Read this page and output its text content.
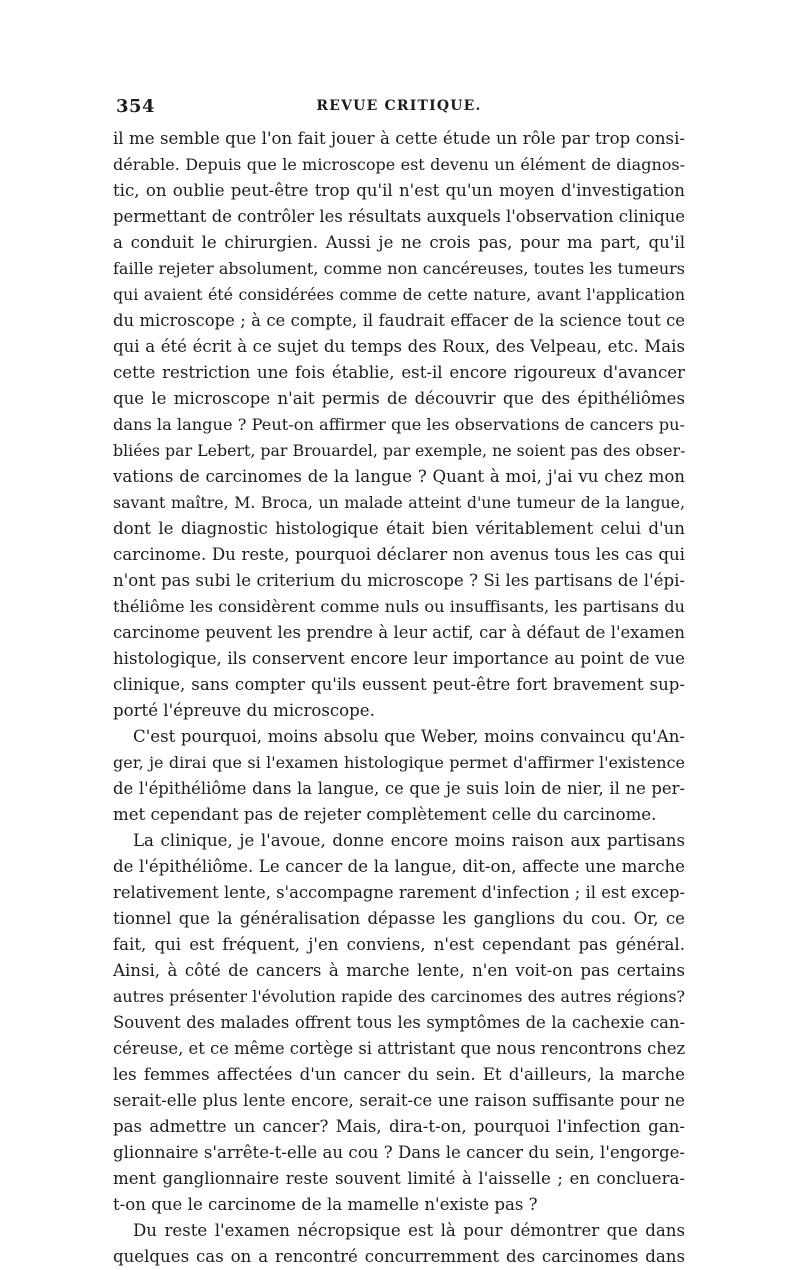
354	REVUE CRITIQUE.
il me semble que l'on fait jouer à cette étude un rôle par trop consi-
dérable. Depuis que le microscope est devenu un élément de diagnos-
tic, on oublie peut-être trop qu'il n'est qu'un moyen d'investigation
permettant de contrôler les résultats auxquels l'observation clinique
a conduit le chirurgien. Aussi je ne crois pas, pour ma part, qu'il
faille rejeter absolument, comme non cancéreuses, toutes les tumeurs
qui avaient été considérées comme de cette nature, avant l'application
du microscope ; à ce compte, il faudrait effacer de la science tout ce
qui a été écrit à ce sujet du temps des Roux, des Velpeau, etc. Mais
cette restriction une fois établie, est-il encore rigoureux d'avancer
que le microscope n'ait permis de découvrir que des épithéliômes
dans la langue ? Peut-on affirmer que les observations de cancers pu-
bliées par Lebert, par Brouardel, par exemple, ne soient pas des obser-
vations de carcinomes de la langue ? Quant à moi, j'ai vu chez mon
savant maître, M. Broca, un malade atteint d'une tumeur de la langue,
dont le diagnostic histologique était bien véritablement celui d'un
carcinome. Du reste, pourquoi déclarer non avenus tous les cas qui
n'ont pas subi le criterium du microscope ? Si les partisans de l'épi-
théliôme les considèrent comme nuls ou insuffisants, les partisans du
carcinome peuvent les prendre à leur actif, car à défaut de l'examen
histologique, ils conservent encore leur importance au point de vue
clinique, sans compter qu'ils eussent peut-être fort bravement sup-
porté l'épreuve du microscope.
C'est pourquoi, moins absolu que Weber, moins convaincu qu'An-
ger, je dirai que si l'examen histologique permet d'affirmer l'existence
de l'épithéliôme dans la langue, ce que je suis loin de nier, il ne per-
met cependant pas de rejeter complètement celle du carcinome.
La clinique, je l'avoue, donne encore moins raison aux partisans
de l'épithéliôme. Le cancer de la langue, dit-on, affecte une marche
relativement lente, s'accompagne rarement d'infection ; il est excep-
tionnel que la généralisation dépasse les ganglions du cou. Or, ce
fait, qui est fréquent, j'en conviens, n'est cependant pas général.
Ainsi, à côté de cancers à marche lente, n'en voit-on pas certains
autres présenter l'évolution rapide des carcinomes des autres régions?
Souvent des malades offrent tous les symptômes de la cachexie can-
céreuse, et ce même cortège si attristant que nous rencontrons chez
les femmes affectées d'un cancer du sein. Et d'ailleurs, la marche
serait-elle plus lente encore, serait-ce une raison suffisante pour ne
pas admettre un cancer? Mais, dira-t-on, pourquoi l'infection gan-
glionnaire s'arrête-t-elle au cou ? Dans le cancer du sein, l'engorge-
ment ganglionnaire reste souvent limité à l'aisselle ; en concluera-
t-on que le carcinome de la mamelle n'existe pas ?
Du reste l'examen nécropsique est là pour démontrer que dans
quelques cas on a rencontré concurremment des carcinomes dans
